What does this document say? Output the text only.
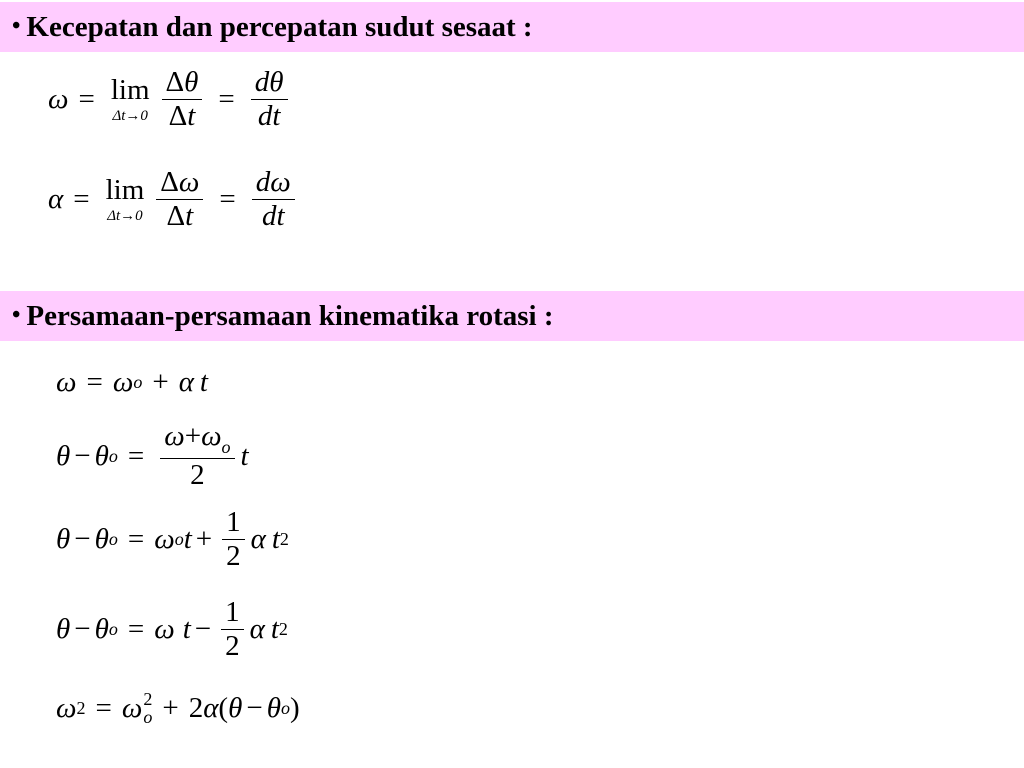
• Kecepatan dan percepatan sudut sesaat :
ω = lim
$\Delta t\to 0 \frac{\Delta\theta}{\Delta t} = \frac{d\theta}{dt}$
α = lim
$\Delta t\to 0 \frac{\Delta\omega}{\Delta t} = \frac{d\omega}{dt}$
• Persamaan-persamaan kinematika rotasi :
ω = ω o + α t
θ − θ $o = \frac{\omega+\omega_o}{2}$ t
θ − θ o = ω o $t + \frac{1}{2}$ α t 2
θ − θ o = ω $t - \frac{1}{2}$ α t 2
ω 2 = ω 2
o + 2 α ( θ − θ o )
